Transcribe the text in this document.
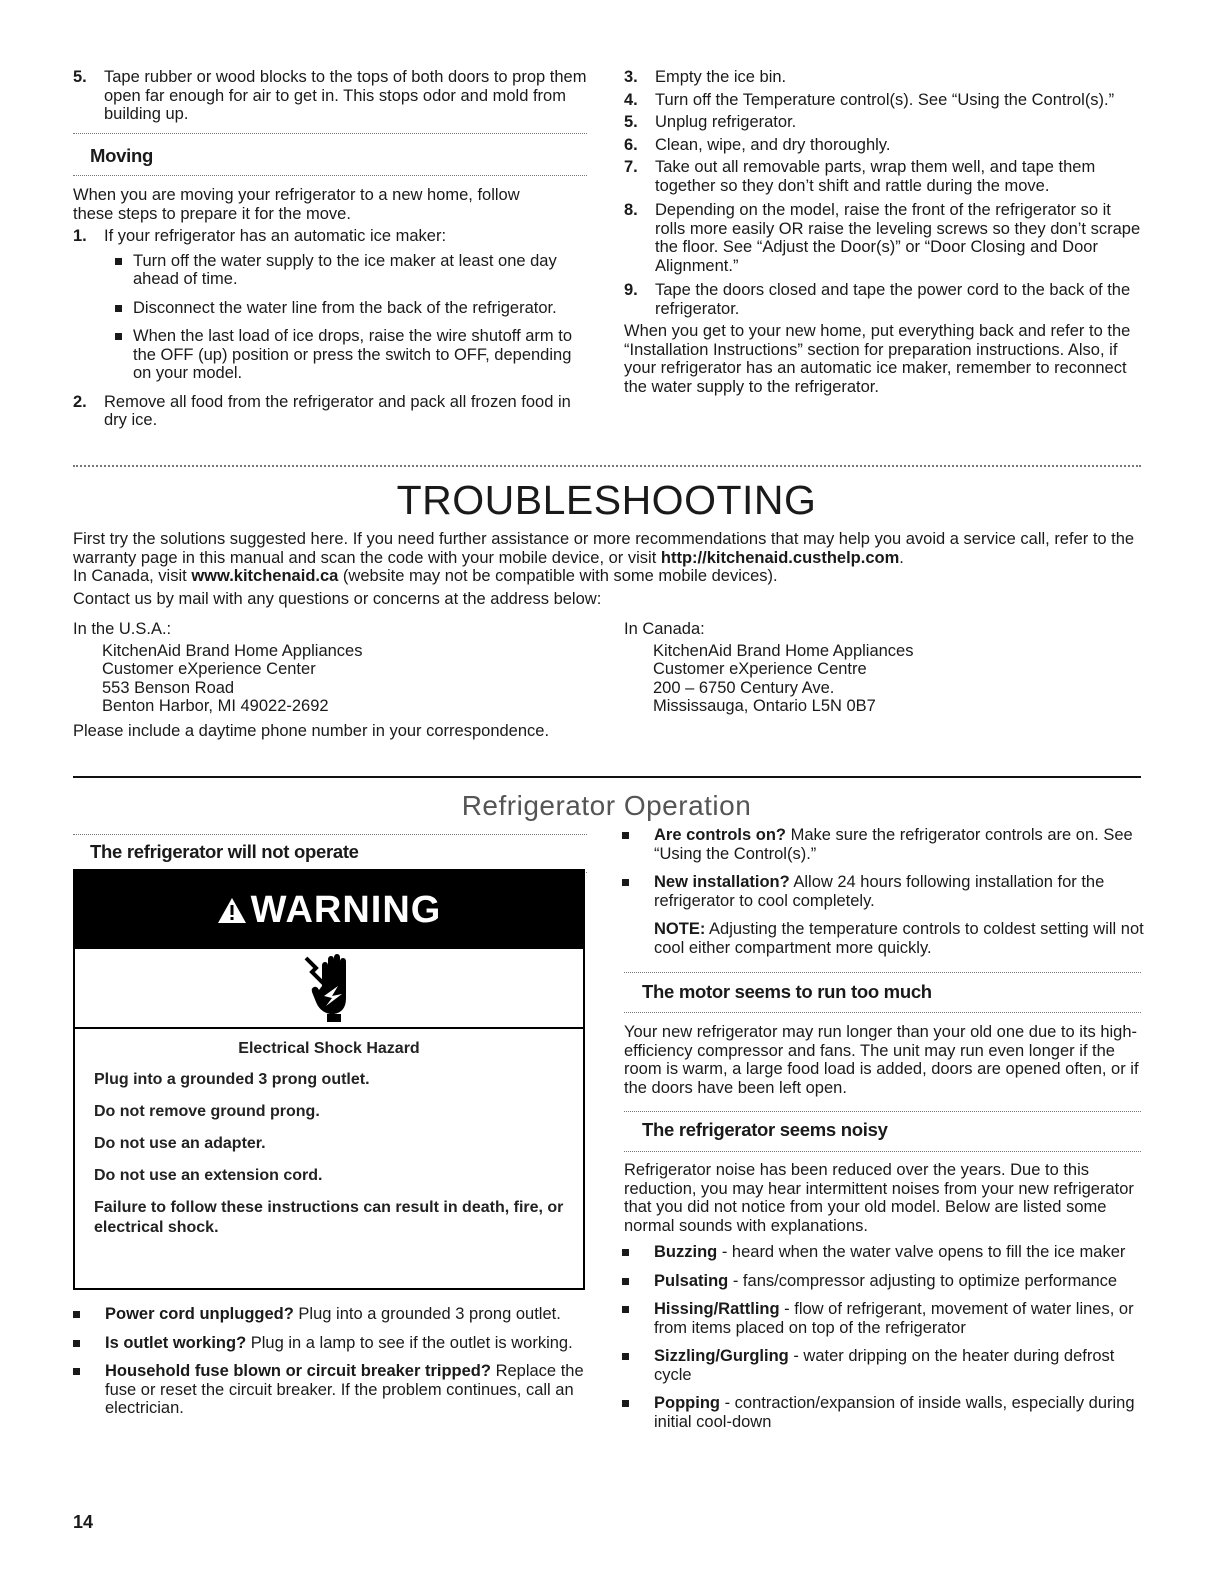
5. Tape rubber or wood blocks to the tops of both doors to prop them open far enough for air to get in. This stops odor and mold from building up.

Moving

When you are moving your refrigerator to a new home, follow these steps to prepare it for the move.

1. If your refrigerator has an automatic ice maker:

Turn off the water supply to the ice maker at least one day ahead of time.

Disconnect the water line from the back of the refrigerator.

When the last load of ice drops, raise the wire shutoff arm to the OFF (up) position or press the switch to OFF, depending on your model.

2. Remove all food from the refrigerator and pack all frozen food in dry ice.

3. Empty the ice bin.

4. Turn off the Temperature control(s). See “Using the Control(s).”

5. Unplug refrigerator.

6. Clean, wipe, and dry thoroughly.

7. Take out all removable parts, wrap them well, and tape them together so they don’t shift and rattle during the move.

8. Depending on the model, raise the front of the refrigerator so it rolls more easily OR raise the leveling screws so they don’t scrape the floor. See “Adjust the Door(s)” or “Door Closing and Door Alignment.”

9. Tape the doors closed and tape the power cord to the back of the refrigerator.

When you get to your new home, put everything back and refer to the “Installation Instructions” section for preparation instructions. Also, if your refrigerator has an automatic ice maker, remember to reconnect the water supply to the refrigerator.

TROUBLESHOOTING

First try the solutions suggested here. If you need further assistance or more recommendations that may help you avoid a service call, refer to the warranty page in this manual and scan the code with your mobile device, or visit http://kitchenaid.custhelp.com.

In Canada, visit www.kitchenaid.ca (website may not be compatible with some mobile devices).

Contact us by mail with any questions or concerns at the address below:

In the U.S.A.:

KitchenAid Brand Home Appliances

Customer eXperience Center

553 Benson Road

Benton Harbor, MI 49022-2692

Please include a daytime phone number in your correspondence.

In Canada:

KitchenAid Brand Home Appliances

Customer eXperience Centre

200 – 6750 Century Ave.

Mississauga, Ontario L5N 0B7

Refrigerator Operation
The refrigerator will not operate
WARNING

Electrical Shock Hazard

Plug into a grounded 3 prong outlet.

Do not remove ground prong.

Do not use an adapter.

Do not use an extension cord.

Failure to follow these instructions can result in death, fire, or electrical shock.

Power cord unplugged? Plug into a grounded 3 prong outlet.

Is outlet working? Plug in a lamp to see if the outlet is working.

Household fuse blown or circuit breaker tripped? Replace the fuse or reset the circuit breaker. If the problem continues, call an electrician.

Are controls on? Make sure the refrigerator controls are on. See “Using the Control(s).”

New installation? Allow 24 hours following installation for the refrigerator to cool completely.

NOTE: Adjusting the temperature controls to coldest setting will not cool either compartment more quickly.

The motor seems to run too much

Your new refrigerator may run longer than your old one due to its high-efficiency compressor and fans. The unit may run even longer if the room is warm, a large food load is added, doors are opened often, or if the doors have been left open.

The refrigerator seems noisy

Refrigerator noise has been reduced over the years. Due to this reduction, you may hear intermittent noises from your new refrigerator that you did not notice from your old model. Below are listed some normal sounds with explanations.

Buzzing - heard when the water valve opens to fill the ice maker

Pulsating - fans/compressor adjusting to optimize performance

Hissing/Rattling - flow of refrigerant, movement of water lines, or from items placed on top of the refrigerator

Sizzling/Gurgling - water dripping on the heater during defrost cycle

Popping - contraction/expansion of inside walls, especially during initial cool-down

14
